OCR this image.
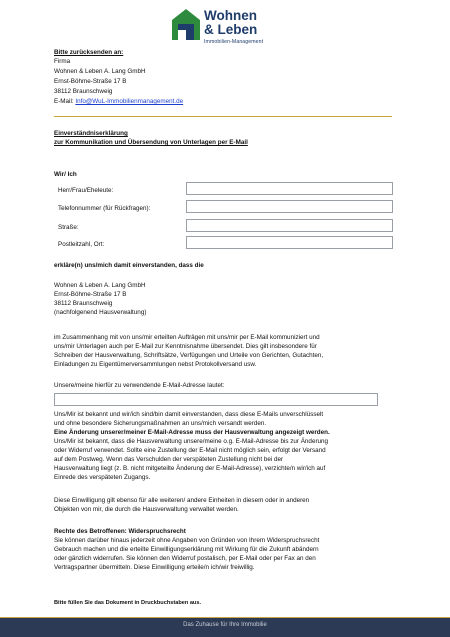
Wohnen
& Leben
Immobilien-Management
Bitte zurücksenden an:
Firma
Wohnen & Leben A. Lang GmbH
Ernst-Böhme-Straße 17 B
38112 Braunschweig
E-Mail: Info@WuL-Immobilienmanagement.de
Einverständniserklärung
zur Kommunikation und Übersendung von Unterlagen per E-Mail
Wir/ Ich
Herr/Frau/Eheleute:
Telefonnummer (für Rückfragen):
Straße:
Postleitzahl, Ort:
erkläre(n) uns/mich damit einverstanden, dass die
Wohnen & Leben A. Lang GmbH
Ernst-Böhme-Straße 17 B
38112 Braunschweig
(nachfolgenend Hausverwaltung)
im Zusammenhang mit von uns/mir erteilten Aufträgen mit uns/mir per E-Mail kommuniziert und
uns/mir Unterlagen auch per E-Mail zur Kenntnisnahme übersendet. Dies gilt insbesondere für
Schreiben der Hausverwaltung, Schriftsätze, Verfügungen und Urteile von Gerichten, Gutachten,
Einladungen zu Eigentümerversammlungen nebst Protokollversand usw.
Unsere/meine hierfür zu verwendende E-Mail-Adresse lautet:
Uns/Mir ist bekannt und wir/ich sind/bin damit einverstanden, dass diese E-Mails unverschlüsselt
und ohne besondere Sicherungsmaßnahmen an uns/mich versandt werden.
Eine Änderung unserer/meiner E-Mail-Adresse muss der Hausverwaltung angezeigt werden.
Uns/Mir ist bekannt, dass die Hausverwaltung unsere/meine o.g. E-Mail-Adresse bis zur Änderung
oder Widerruf verwendet. Sollte eine Zustellung der E-Mail nicht möglich sein, erfolgt der Versand
auf dem Postweg. Wenn das Verschulden der verspäteten Zustellung nicht bei der
Hausverwaltung liegt (z. B. nicht mitgeteilte Änderung der E-Mail-Adresse), verzichte/n wir/ich auf
Einrede des verspäteten Zugangs.
Diese Einwilligung gilt ebenso für alle weiteren/ andere Einheiten in diesem oder in anderen
Objekten von mir, die durch die Hausverwaltung verwaltet werden.
Rechte des Betroffenen: Widerspruchsrecht
Sie können darüber hinaus jederzeit ohne Angaben von Gründen von Ihrem Widerspruchsrecht
Gebrauch machen und die erteilte Einwilligungserklärung mit Wirkung für die Zukunft abändern
oder gänzlich widerrufen. Sie können den Widerruf postalisch, per E-Mail oder per Fax an den
Vertragspartner übermitteln. Diese Einwilligung erteile/n ich/wir freiwillig.
Bitte füllen Sie das Dokument in Druckbuchstaben aus.
Das Zuhause für Ihre Immobilie
